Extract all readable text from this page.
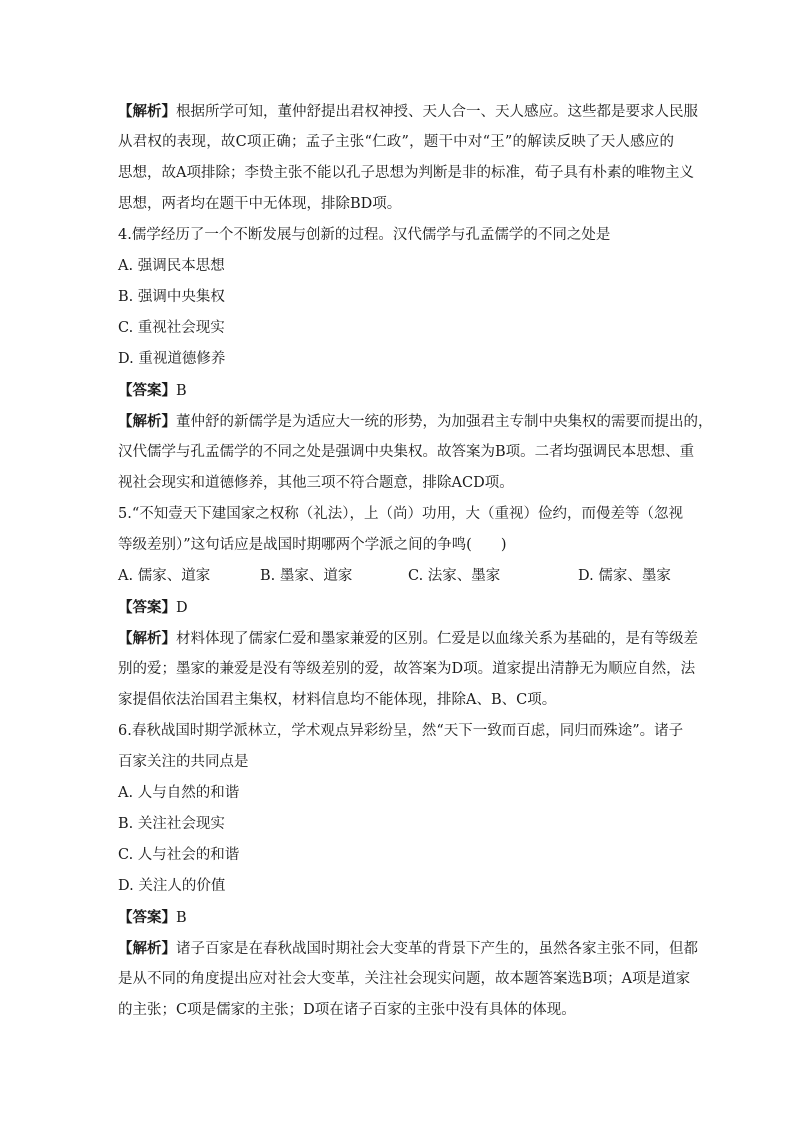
【解析】根据所学可知，董仲舒提出君权神授、天人合一、天人感应。这些都是要求人民服
从君权的表现，故C项正确；孟子主张“仁政”，题干中对“王”的解读反映了天人感应的
思想，故A项排除；李贽主张不能以孔子思想为判断是非的标准，荀子具有朴素的唯物主义
思想，两者均在题干中无体现，排除BD项。
4.儒学经历了一个不断发展与创新的过程。汉代儒学与孔孟儒学的不同之处是
A. 强调民本思想
B. 强调中央集权
C. 重视社会现实
D. 重视道德修养
【答案】B
【解析】董仲舒的新儒学是为适应大一统的形势，为加强君主专制中央集权的需要而提出的，
汉代儒学与孔孟儒学的不同之处是强调中央集权。故答案为B项。二者均强调民本思想、重
视社会现实和道德修养，其他三项不符合题意，排除ACD项。
5.“不知壹天下建国家之权称（礼法），上（尚）功用，大（重视）俭约，而僈差等（忽视
等级差别）”这句话应是战国时期哪两个学派之间的争鸣(　　)
A. 儒家、道家	B. 墨家、道家	C. 法家、墨家	D. 儒家、墨家
【答案】D
【解析】材料体现了儒家仁爱和墨家兼爱的区别。仁爱是以血缘关系为基础的，是有等级差
别的爱；墨家的兼爱是没有等级差别的爱，故答案为D项。道家提出清静无为顺应自然，法
家提倡依法治国君主集权，材料信息均不能体现，排除A、B、C项。
6.春秋战国时期学派林立，学术观点异彩纷呈，然“天下一致而百虑，同归而殊途”。诸子
百家关注的共同点是
A. 人与自然的和谐
B. 关注社会现实
C. 人与社会的和谐
D. 关注人的价值
【答案】B
【解析】诸子百家是在春秋战国时期社会大变革的背景下产生的，虽然各家主张不同，但都
是从不同的角度提出应对社会大变革，关注社会现实问题，故本题答案选B项；A项是道家
的主张；C项是儒家的主张；D项在诸子百家的主张中没有具体的体现。
